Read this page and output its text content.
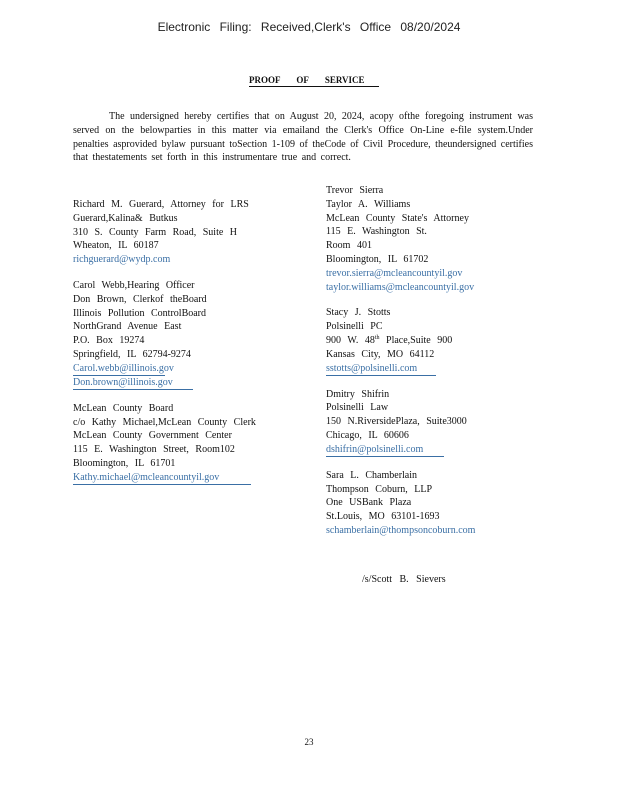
Electronic Filing: Received,Clerk's Office 08/20/2024
PROOF OF SERVICE

The undersigned hereby certifies that on August 20, 2024, acopy ofthe foregoing instrument was served on the belowparties in this matter via emailand the Clerk's Office On-Line e-file system.Under penalties asprovided bylaw pursuant toSection 1-109 of theCode of Civil Procedure, theundersigned certifies that thestatements set forth in this instrumentare true and correct.

Richard M. Guerard, Attorney for LRS
Guerard,Kalina& Butkus
310 S. County Farm Road, Suite H
Wheaton, IL 60187
richguerard@wydp.com
Carol Webb,Hearing Officer
Don Brown, Clerkof theBoard
Illinois Pollution ControlBoard
NorthGrand Avenue East
P.O. Box 19274
Springfield, IL 62794-9274
Carol.webb@illinois.gov
Don.brown@illinois.gov
McLean County Board
c/o Kathy Michael,McLean County Clerk
McLean County Government Center
115 E. Washington Street, Room102
Bloomington, IL 61701
Kathy.michael@mcleancountyil.gov
Trevor Sierra
Taylor A. Williams
McLean County State's Attorney
115 E. Washington St.
Room 401
Bloomington, IL 61702
trevor.sierra@mcleancountyil.gov
taylor.williams@mcleancountyil.gov
Stacy J. Stotts
Polsinelli PC
900 W. 48th Place,Suite 900
Kansas City, MO 64112
sstotts@polsinelli.com
Dmitry Shifrin
Polsinelli Law
150 N.RiversidePlaza, Suite3000
Chicago, IL 60606
dshifrin@polsinelli.com
Sara L. Chamberlain
Thompson Coburn, LLP
One USBank Plaza
St.Louis, MO 63101-1693
schamberlain@thompsoncoburn.com
/s/Scott B. Sievers
23
